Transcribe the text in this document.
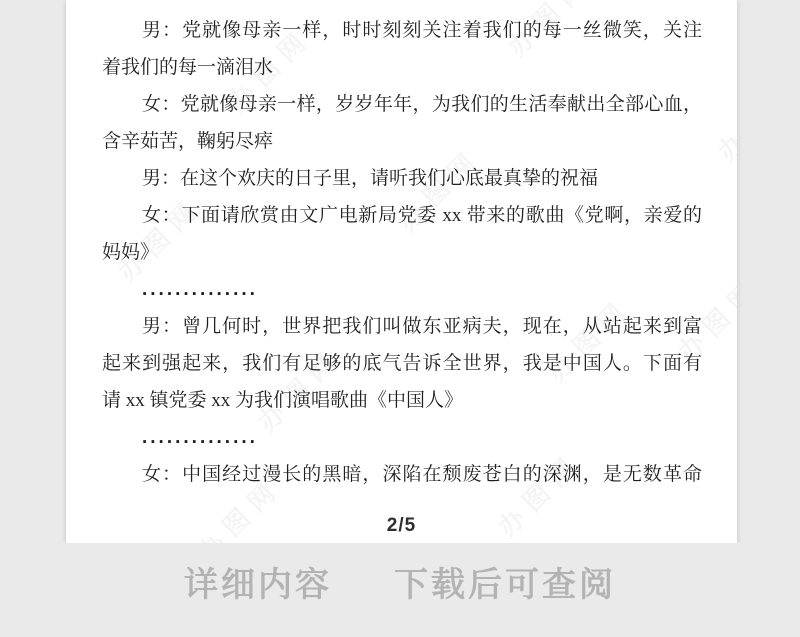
男：党就像母亲一样，时时刻刻关注着我们的每一丝微笑，关注
着我们的每一滴泪水
女：党就像母亲一样，岁岁年年，为我们的生活奉献出全部心血，
含辛茹苦，鞠躬尽瘁
男：在这个欢庆的日子里，请听我们心底最真挚的祝福
女：下面请欣赏由文广电新局党委 xx 带来的歌曲《党啊，亲爱的
妈妈》
..............
男：曾几何时，世界把我们叫做东亚病夫，现在，从站起来到富
起来到强起来，我们有足够的底气告诉全世界，我是中国人。下面有
请 xx 镇党委 xx 为我们演唱歌曲《中国人》
..............
女：中国经过漫长的黑暗，深陷在颓废苍白的深渊，是无数革命
2/5
详细内容 下载后可查阅
